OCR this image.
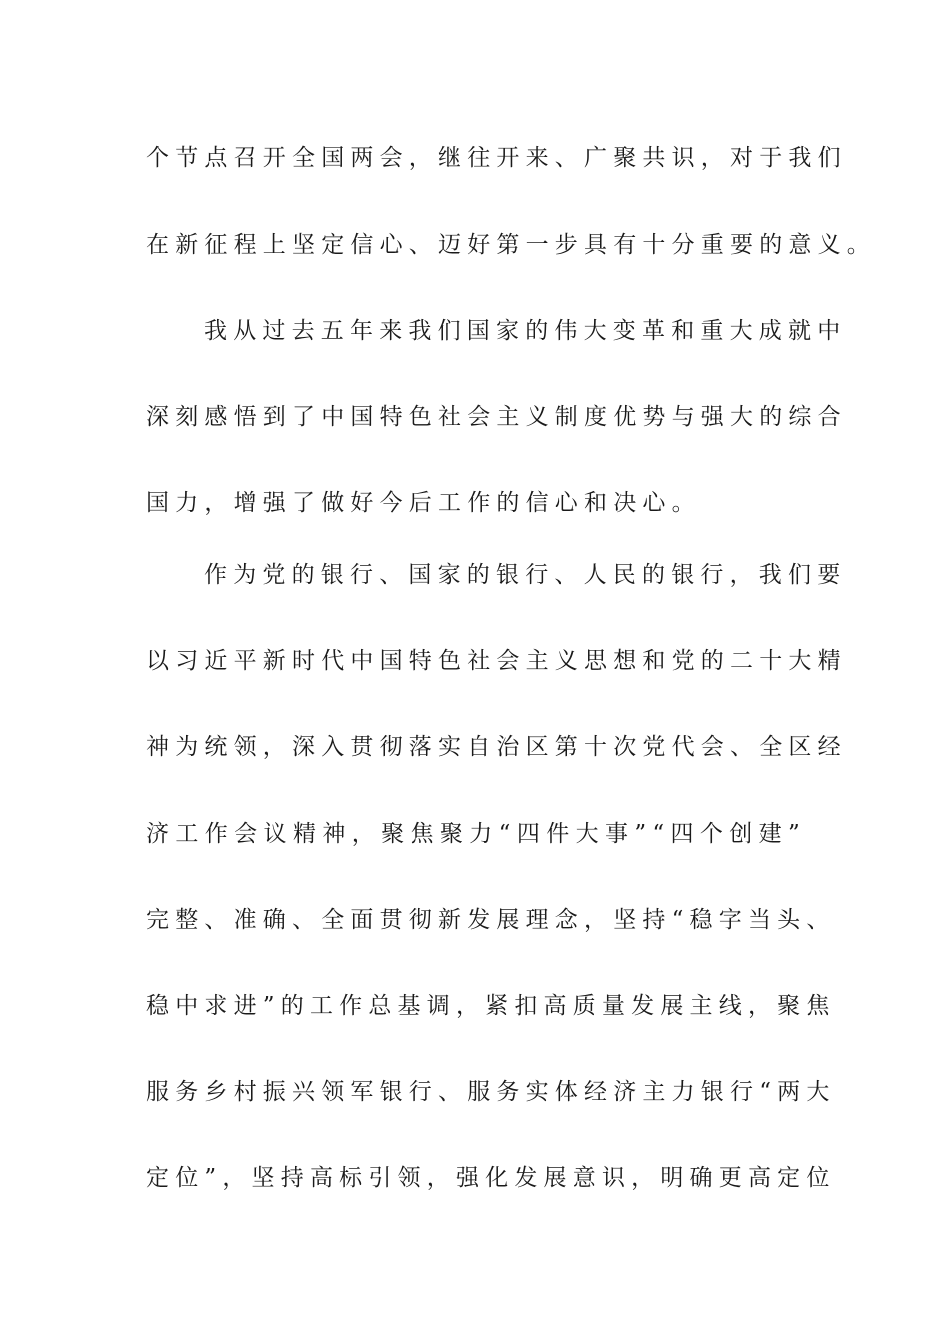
个节点召开全国两会，继往开来、广聚共识，对于我们
在新征程上坚定信心、迈好第一步具有十分重要的意义。
我从过去五年来我们国家的伟大变革和重大成就中
深刻感悟到了中国特色社会主义制度优势与强大的综合
国力，增强了做好今后工作的信心和决心。
作为党的银行、国家的银行、人民的银行，我们要
以习近平新时代中国特色社会主义思想和党的二十大精
神为统领，深入贯彻落实自治区第十次党代会、全区经
济工作会议精神，聚焦聚力“四件大事”“四个创建”
完整、准确、全面贯彻新发展理念，坚持“稳字当头、
稳中求进”的工作总基调，紧扣高质量发展主线，聚焦
服务乡村振兴领军银行、服务实体经济主力银行“两大
定位”，坚持高标引领，强化发展意识，明确更高定位
